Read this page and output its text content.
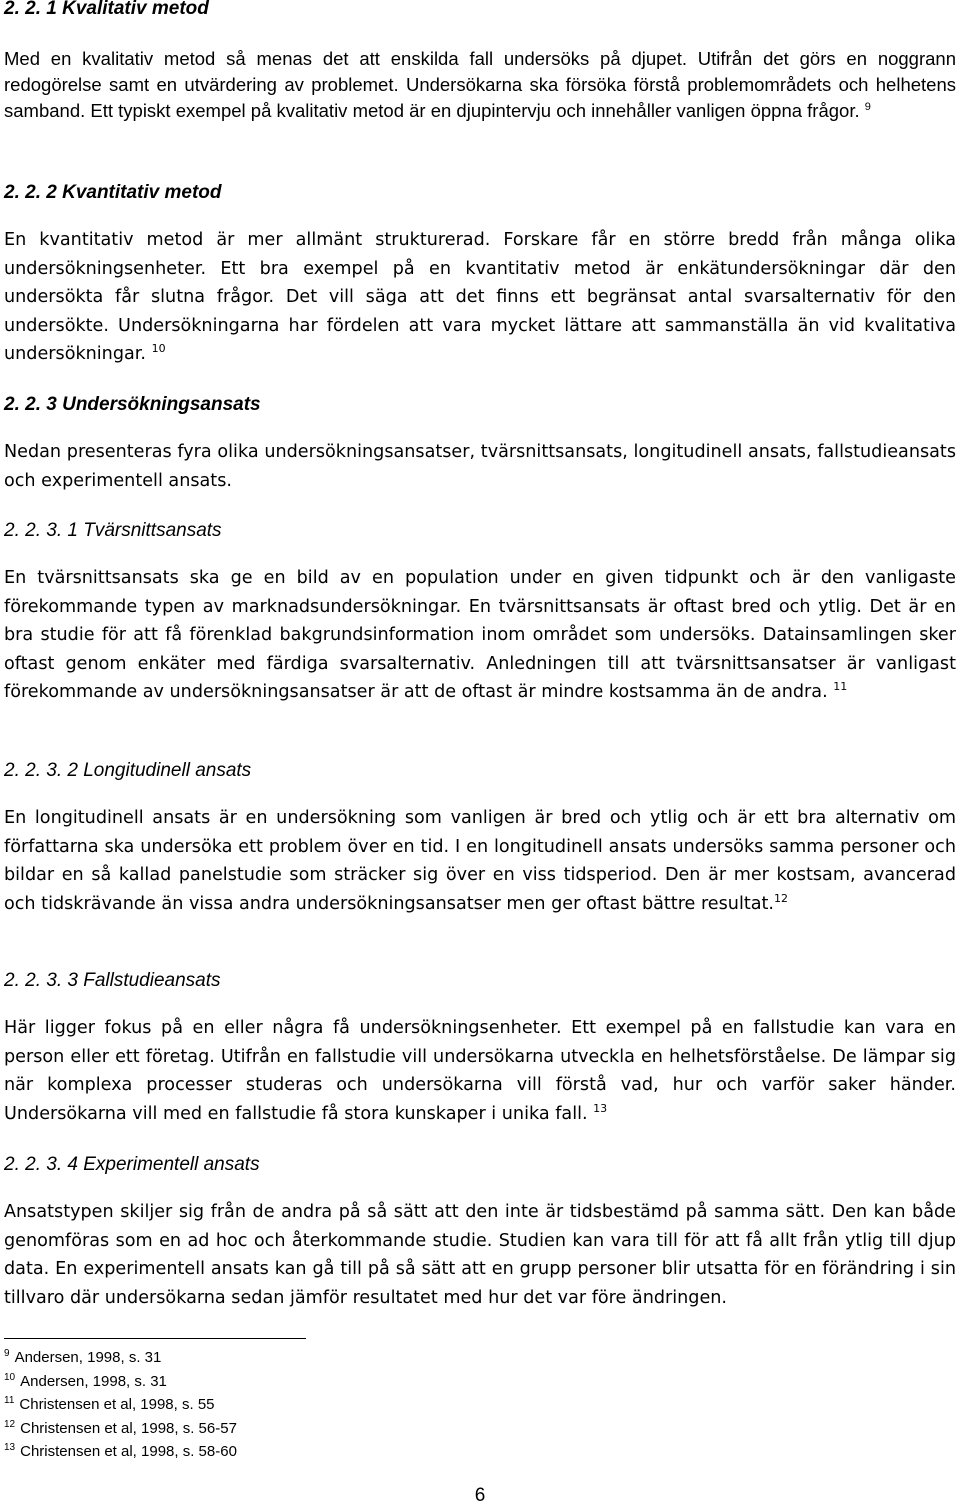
2. 2. 1 Kvalitativ metod

Med en kvalitativ metod så menas det att enskilda fall undersöks på djupet. Utifrån det görs en noggrann redogörelse samt en utvärdering av problemet. Undersökarna ska försöka förstå problemområdets och helhetens samband. Ett typiskt exempel på kvalitativ metod är en djupintervju och innehåller vanligen öppna frågor. $^9$

2. 2. 2 Kvantitativ metod

En kvantitativ metod är mer allmänt strukturerad. Forskare får en större bredd från många olika undersökningsenheter. Ett bra exempel på en kvantitativ metod är enkätundersökningar där den undersökta får slutna frågor. Det vill säga att det finns ett begränsat antal svarsalternativ för den undersökte. Undersökningarna har fördelen att vara mycket lättare att sammanställa än vid kvalitativa undersökningar. $^{10}$

2. 2. 3 Undersökningsansats

Nedan presenteras fyra olika undersökningsansatser, tvärsnittsansats, longitudinell ansats, fallstudieansats och experimentell ansats.

2. 2. 3. 1 Tvärsnittsansats

En tvärsnittsansats ska ge en bild av en population under en given tidpunkt och är den vanligaste förekommande typen av marknadsundersökningar. En tvärsnittsansats är oftast bred och ytlig. Det är en bra studie för att få förenklad bakgrundsinformation inom området som undersöks. Datainsamlingen sker oftast genom enkäter med färdiga svarsalternativ. Anledningen till att tvärsnittsansatser är vanligast förekommande av undersökningsansatser är att de oftast är mindre kostsamma än de andra. $^{11}$

2. 2. 3. 2 Longitudinell ansats

En longitudinell ansats är en undersökning som vanligen är bred och ytlig och är ett bra alternativ om författarna ska undersöka ett problem över en tid. I en longitudinell ansats undersöks samma personer och bildar en så kallad panelstudie som sträcker sig över en viss tidsperiod. Den är mer kostsam, avancerad och tidskrävande än vissa andra undersökningsansatser men ger oftast bättre resultat.$^{12}$

2. 2. 3. 3 Fallstudieansats

Här ligger fokus på en eller några få undersökningsenheter. Ett exempel på en fallstudie kan vara en person eller ett företag. Utifrån en fallstudie vill undersökarna utveckla en helhetsförståelse. De lämpar sig när komplexa processer studeras och undersökarna vill förstå vad, hur och varför saker händer. Undersökarna vill med en fallstudie få stora kunskaper i unika fall. $^{13}$

2. 2. 3. 4 Experimentell ansats

Ansatstypen skiljer sig från de andra på så sätt att den inte är tidsbestämd på samma sätt. Den kan både genomföras som en ad hoc och återkommande studie. Studien kan vara till för att få allt från ytlig till djup data. En experimentell ansats kan gå till på så sätt att en grupp personer blir utsatta för en förändring i sin tillvaro där undersökarna sedan jämför resultatet med hur det var före ändringen.

$^9$ Andersen, 1998, s. 31
$^{10}$ Andersen, 1998, s. 31
$^{11}$ Christensen et al, 1998, s. 55
$^{12}$ Christensen et al, 1998, s. 56-57
$^{13}$ Christensen et al, 1998, s. 58-60
6
